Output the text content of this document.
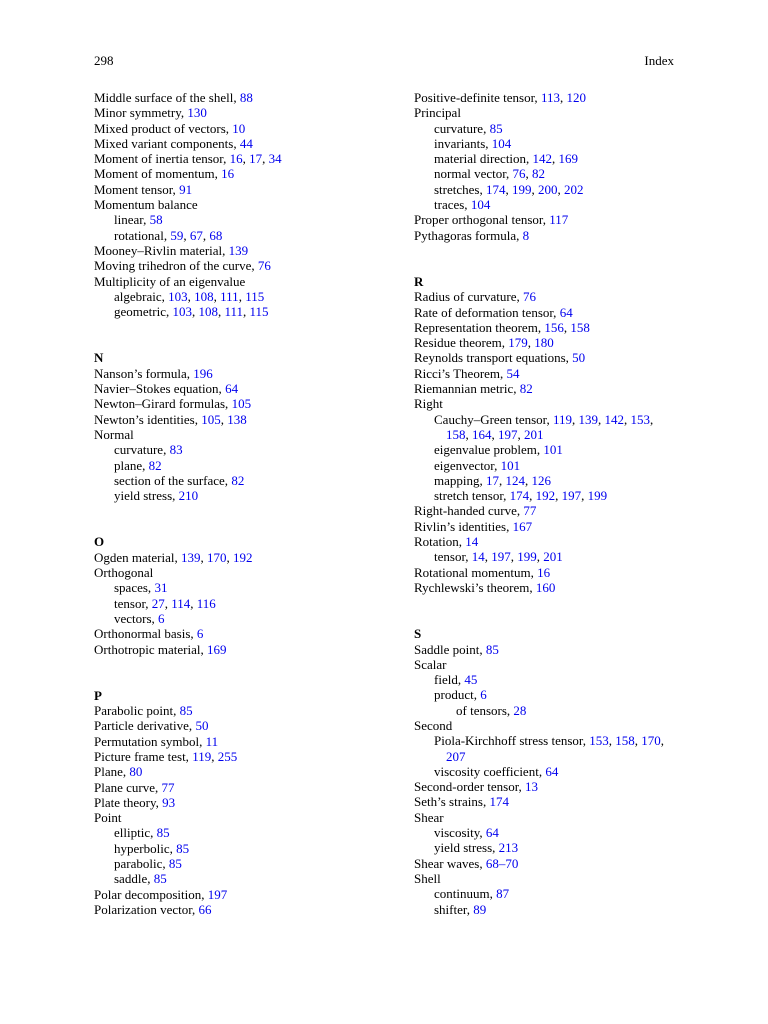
298	Index
Middle surface of the shell, 88
Minor symmetry, 130
Mixed product of vectors, 10
Mixed variant components, 44
Moment of inertia tensor, 16, 17, 34
Moment of momentum, 16
Moment tensor, 91
Momentum balance
linear, 58
rotational, 59, 67, 68
Mooney–Rivlin material, 139
Moving trihedron of the curve, 76
Multiplicity of an eigenvalue
algebraic, 103, 108, 111, 115
geometric, 103, 108, 111, 115
N
Nanson’s formula, 196
Navier–Stokes equation, 64
Newton–Girard formulas, 105
Newton’s identities, 105, 138
Normal
curvature, 83
plane, 82
section of the surface, 82
yield stress, 210
O
Ogden material, 139, 170, 192
Orthogonal
spaces, 31
tensor, 27, 114, 116
vectors, 6
Orthonormal basis, 6
Orthotropic material, 169
P
Parabolic point, 85
Particle derivative, 50
Permutation symbol, 11
Picture frame test, 119, 255
Plane, 80
Plane curve, 77
Plate theory, 93
Point
elliptic, 85
hyperbolic, 85
parabolic, 85
saddle, 85
Polar decomposition, 197
Polarization vector, 66
Positive-definite tensor, 113, 120
Principal
curvature, 85
invariants, 104
material direction, 142, 169
normal vector, 76, 82
stretches, 174, 199, 200, 202
traces, 104
Proper orthogonal tensor, 117
Pythagoras formula, 8
R
Radius of curvature, 76
Rate of deformation tensor, 64
Representation theorem, 156, 158
Residue theorem, 179, 180
Reynolds transport equations, 50
Ricci’s Theorem, 54
Riemannian metric, 82
Right
Cauchy–Green tensor, 119, 139, 142, 153, 158, 164, 197, 201
eigenvalue problem, 101
eigenvector, 101
mapping, 17, 124, 126
stretch tensor, 174, 192, 197, 199
Right-handed curve, 77
Rivlin’s identities, 167
Rotation, 14
tensor, 14, 197, 199, 201
Rotational momentum, 16
Rychlewski’s theorem, 160
S
Saddle point, 85
Scalar
field, 45
product, 6
of tensors, 28
Second
Piola-Kirchhoff stress tensor, 153, 158, 170, 207
viscosity coefficient, 64
Second-order tensor, 13
Seth’s strains, 174
Shear
viscosity, 64
yield stress, 213
Shear waves, 68–70
Shell
continuum, 87
shifter, 89
